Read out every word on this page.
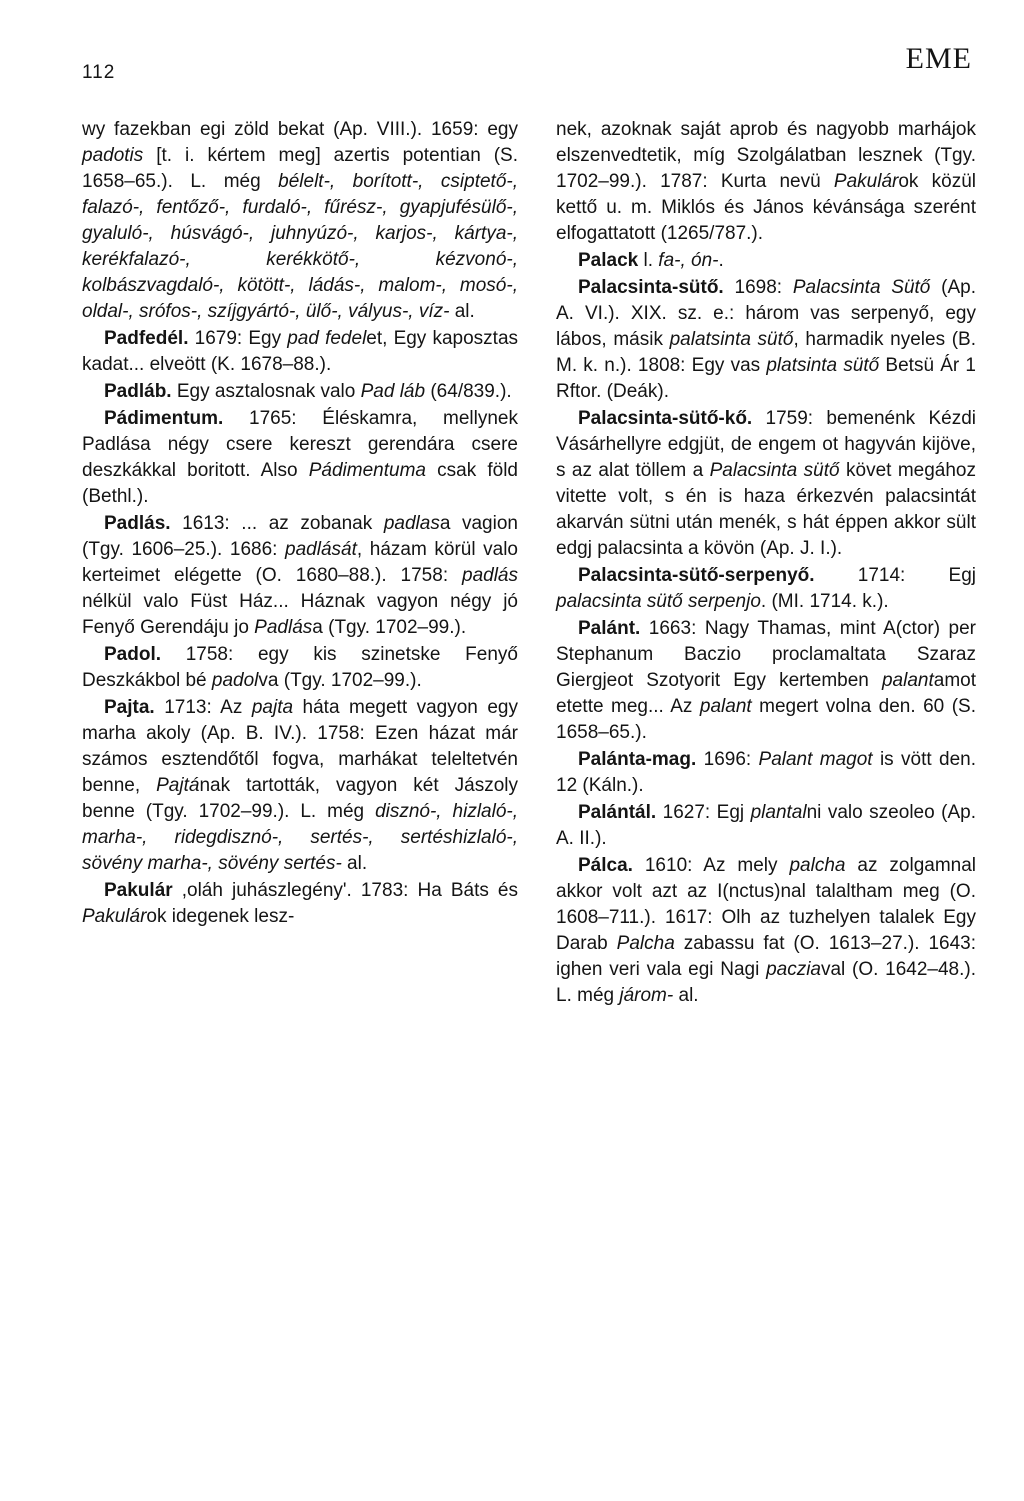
112	EME

wy fazekban egi zöld bekat (Ap. VIII.). 1659: egy padotis [t. i. kértem meg] azertis potentian (S. 1658–65.). L. még bélelt-, borított-, csiptető-, falazó-, fentőző-, furdaló-, fűrész-, gyapjufésülő-, gyaluló-, húsvágó-, juhnyúzó-, karjos-, kártya-, kerékfalazó-, kerékkötő-, kézvonó-, kolbászvagdaló-, kötött-, ládás-, malom-, mosó-, oldal-, srófos-, szíjgyártó-, ülő-, vályus-, víz- al.

Padfedél. 1679: Egy pad fedelet, Egy kaposztas kadat... elveött (K. 1678–88.).

Padláb. Egy asztalosnak valo Pad láb (64/839.).

Pádimentum. 1765: Éléskamra, mellynek Padlása négy csere kereszt gerendára csere deszkákkal boritott. Also Pádimentuma csak föld (Bethl.).

Padlás. 1613: ... az zobanak padlasa vagion (Tgy. 1606–25.). 1686: padlását, házam körül valo kerteimet elégette (O. 1680–88.). 1758: padlás nélkül valo Füst Ház... Háznak vagyon négy jó Fenyő Gerendáju jo Padlása (Tgy. 1702–99.).

Padol. 1758: egy kis szinetske Fenyő Deszkákbol bé padolva (Tgy. 1702–99.).

Pajta. 1713: Az pajta háta megett vagyon egy marha akoly (Ap. B. IV.). 1758: Ezen házat már számos esztendőtől fogva, marhákat teleltetvén benne, Pajtának tartották, vagyon két Jászoly benne (Tgy. 1702–99.). L. még disznó-, hizlaló-, marha-, ridegdisznó-, sertés-, sertéshizlaló-, sövény marha-, sövény sertés- al.

Pakulár ,oláh juhászlegény'. 1783: Ha Báts és Pakulárok idegenek lesz-

nek, azoknak saját aprob és nagyobb marhájok elszenvedtetik, míg Szolgálatban lesznek (Tgy. 1702–99.). 1787: Kurta nevü Pakulárok közül kettő u. m. Miklós és János kévánsága szerént elfogattatott (1265/787.).

Palack l. fa-, ón-.

Palacsinta-sütő. 1698: Palacsinta Sütő (Ap. A. VI.). XIX. sz. e.: három vas serpenyő, egy lábos, másik palatsinta sütő, harmadik nyeles (B. M. k. n.). 1808: Egy vas platsinta sütő Betsü Ár 1 Rftor. (Deák).

Palacsinta-sütő-kő. 1759: bemenénk Kézdi Vásárhellyre edgjüt, de engem ot hagyván kijöve, s az alat töllem a Palacsinta sütő követ megához vitette volt, s én is haza érkezvén palacsintát akarván sütni után menék, s hát éppen akkor sült edgj palacsinta a kövön (Ap. J. I.).

Palacsinta-sütő-serpenyő. 1714: Egj palacsinta sütő serpenjo. (MI. 1714. k.).

Palánt. 1663: Nagy Thamas, mint A(ctor) per Stephanum Baczio proclamaltata Szaraz Giergjeot Szotyorit Egy kertemben palantamot etette meg... Az palant megert volna den. 60 (S. 1658–65.).

Palánta-mag. 1696: Palant magot is vött den. 12 (Káln.).

Palántál. 1627: Egj plantalni valo szeoleo (Ap. A. II.).

Pálca. 1610: Az mely palcha az zolgamnal akkor volt azt az I(nctus)nal talaltham meg (O. 1608–711.). 1617: Olh az tuzhelyen talalek Egy Darab Palcha zabassu fat (O. 1613–27.). 1643: ighen veri vala egi Nagi pacziaval (O. 1642–48.). L. még járom- al.
